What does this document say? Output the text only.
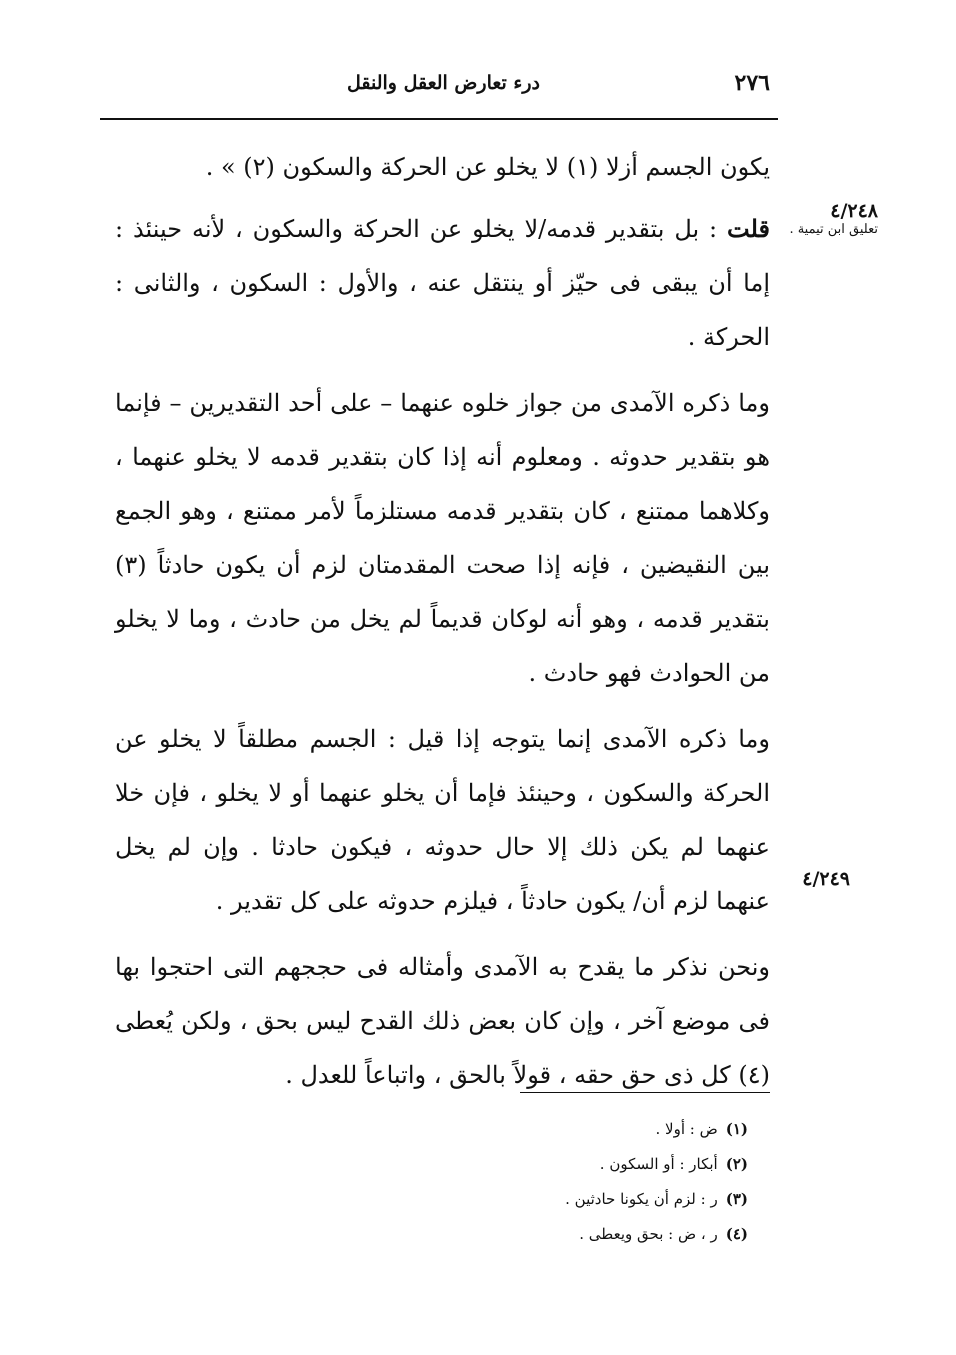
٢٧٦
درء تعارض العقل والنقل
٤/٢٤٨
تعليق ابن تيمية .
٤/٢٤٩

يكون الجسم أزلا (١) لا يخلو عن الحركة والسكون (٢) » .

قلت : بل بتقدير قدمه/لا يخلو عن الحركة والسكون ، لأنه حينئذ : إما أن يبقى فى حيّز أو ينتقل عنه ، والأول : السكون ، والثانى : الحركة .

وما ذكره الآمدى من جواز خلوه عنهما – على أحد التقديرين – فإنما هو بتقدير حدوثه . ومعلوم أنه إذا كان بتقدير قدمه لا يخلو عنهما ، وكلاهما ممتنع ، كان بتقدير قدمه مستلزماً لأمر ممتنع ، وهو الجمع بين النقيضين ، فإنه إذا صحت المقدمتان لزم أن يكون حادثاً (٣) بتقدير قدمه ، وهو أنه لوكان قديماً لم يخل من حادث ، وما لا يخلو من الحوادث فهو حادث .

وما ذكره الآمدى إنما يتوجه إذا قيل : الجسم مطلقاً لا يخلو عن الحركة والسكون ، وحينئذ فإما أن يخلو عنهما أو لا يخلو ، فإن خلا عنهما لم يكن ذلك إلا حال حدوثه ، فيكون حادثا . وإن لم يخل عنهما لزم أن/ يكون حادثاً ، فيلزم حدوثه على كل تقدير .

ونحن نذكر ما يقدح به الآمدى وأمثاله فى حججهم التى احتجوا بها فى موضع آخر ، وإن كان بعض ذلك القدح ليس بحق ، ولكن يُعطى (٤) كل ذى حق حقه ، قولاً بالحق ، واتباعاً للعدل .

(١)ض : أولا .
(٢)أبكار : أو السكون .
(٣)ر : لزم أن يكونا حادثين .
(٤)ر ، ض : بحق ويعطى .
